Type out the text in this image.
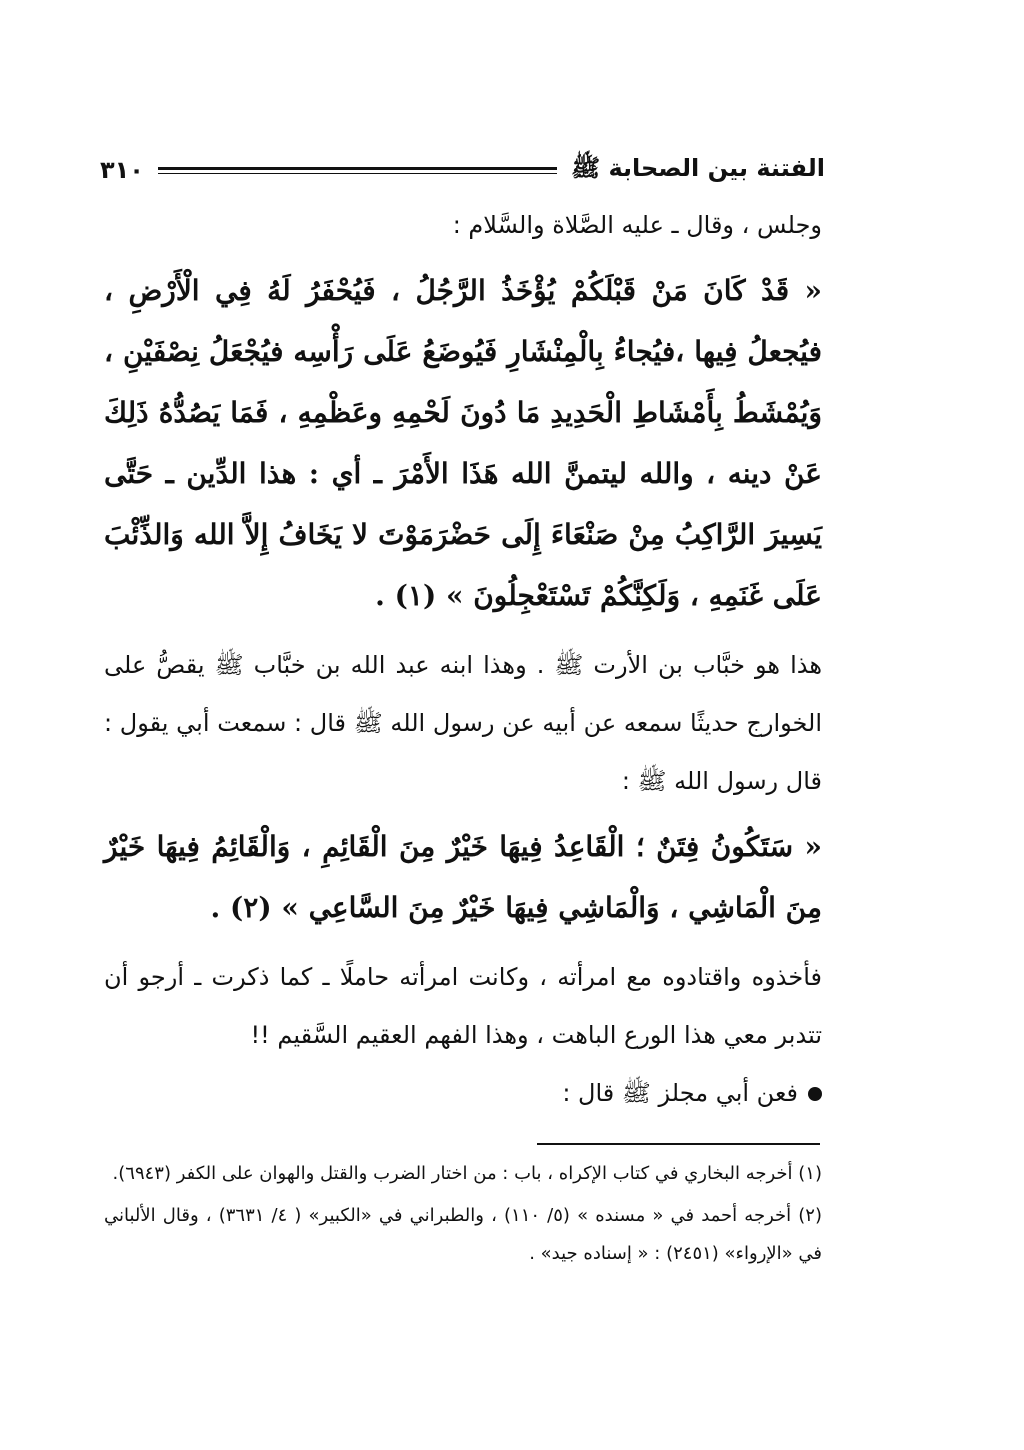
الفتنة بين الصحابة ﷺ
٣١٠

وجلس ، وقال ـ عليه الصَّلاة والسَّلام :

« قَدْ كَانَ مَنْ قَبْلَكُمْ يُؤْخَذُ الرَّجُلُ ، فَيُحْفَرُ لَهُ فِي الْأَرْضِ ، فيُجعلُ فِيها ،فيُجاءُ بِالْمِنْشَارِ فَيُوضَعُ عَلَى رَأْسِه فيُجْعَلُ نِصْفَيْنِ ، وَيُمْشَطُ بِأَمْشَاطِ الْحَدِيدِ مَا دُونَ لَحْمِهِ وعَظْمِهِ ، فَمَا يَصُدُّهُ ذَلِكَ عَنْ دينه ، والله ليتمنَّ الله هَذَا الأَمْرَ ـ أي : هذا الدِّين ـ حَتَّى يَسِيرَ الرَّاكِبُ مِنْ صَنْعَاءَ إِلَى حَضْرَمَوْتَ لا يَخَافُ إِلاَّ الله وَالذِّئْبَ عَلَى غَنَمِهِ ، وَلَكِنَّكُمْ تَسْتَعْجِلُونَ » (١) .

هذا هو خبَّاب بن الأرت ﷺ . وهذا ابنه عبد الله بن خبَّاب ﷺ يقصُّ على الخوارج حديثًا سمعه عن أبيه عن رسول الله ﷺ قال : سمعت أبي يقول : قال رسول الله ﷺ :

« سَتَكُونُ فِتَنٌ ؛ الْقَاعِدُ فِيهَا خَيْرٌ مِنَ الْقَائِمِ ، وَالْقَائِمُ فِيهَا خَيْرٌ مِنَ الْمَاشِي ، وَالْمَاشِي فِيهَا خَيْرٌ مِنَ السَّاعِي » (٢) .

فأخذوه واقتادوه مع امرأته ، وكانت امرأته حاملًا ـ كما ذكرت ـ أرجو أن تتدبر معي هذا الورع الباهت ، وهذا الفهم العقيم السَّقيم !!

فعن أبي مجلز ﷺ قال :

(١) أخرجه البخاري في كتاب الإكراه ، باب : من اختار الضرب والقتل والهوان على الكفر (٦٩٤٣).

(٢) أخرجه أحمد في « مسنده » (٥/ ١١٠) ، والطبراني في «الكبير» ( ٤/ ٣٦٣١) ، وقال الألباني في «الإرواء» (٢٤٥١) : « إسناده جيد» .
